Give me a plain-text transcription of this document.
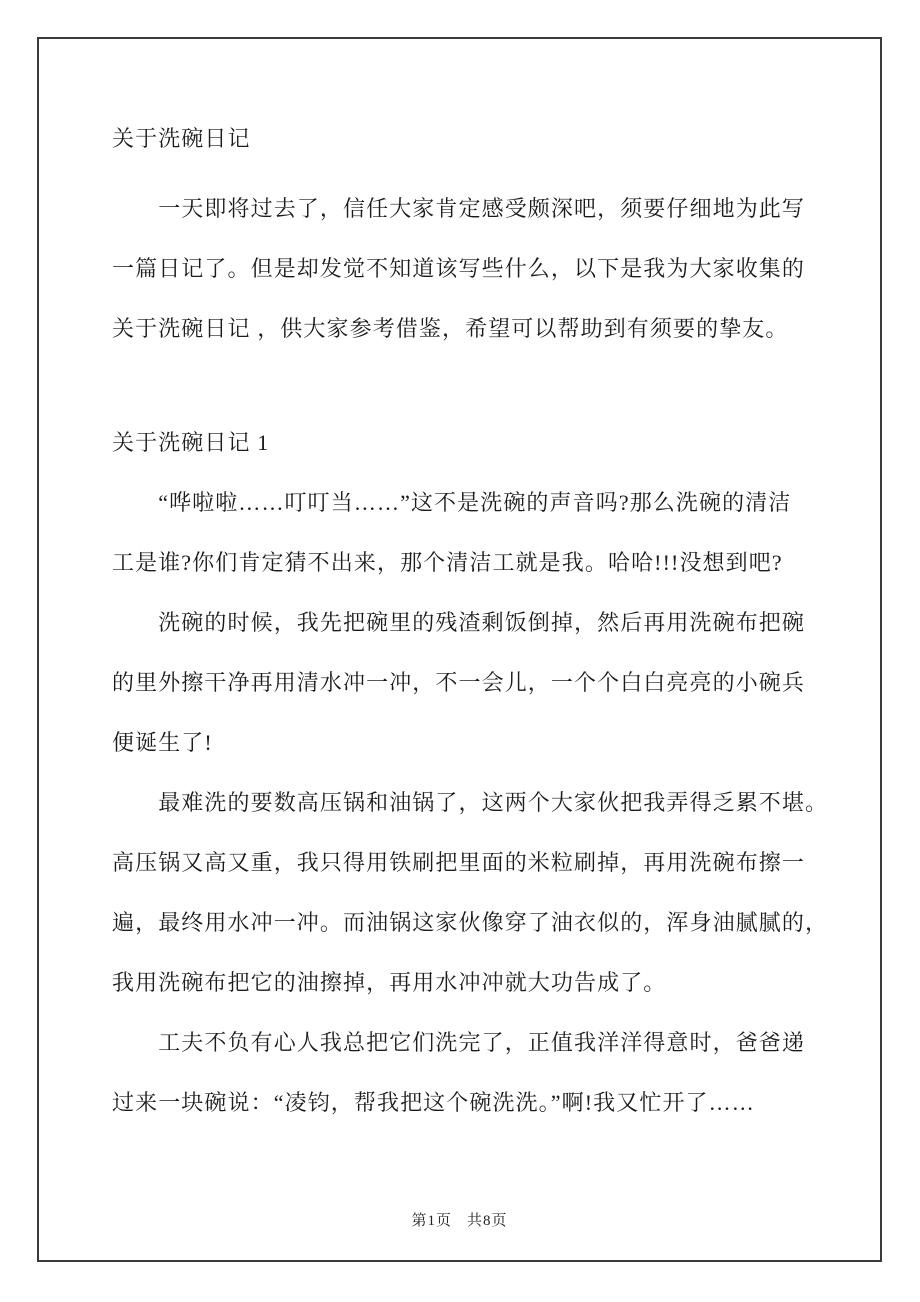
关于洗碗日记
　　一天即将过去了，信任大家肯定感受颇深吧，须要仔细地为此写
一篇日记了。但是却发觉不知道该写些什么，以下是我为大家收集的
关于洗碗日记 ，供大家参考借鉴，希望可以帮助到有须要的挚友。
关于洗碗日记 1
　　“哗啦啦……叮叮当……”这不是洗碗的声音吗?那么洗碗的清洁
工是谁?你们肯定猜不出来，那个清洁工就是我。哈哈!!!没想到吧?
　　洗碗的时候，我先把碗里的残渣剩饭倒掉，然后再用洗碗布把碗
的里外擦干净再用清水冲一冲，不一会儿，一个个白白亮亮的小碗兵
便诞生了!
　　最难洗的要数高压锅和油锅了，这两个大家伙把我弄得乏累不堪。
高压锅又高又重，我只得用铁刷把里面的米粒刷掉，再用洗碗布擦一
遍，最终用水冲一冲。而油锅这家伙像穿了油衣似的，浑身油腻腻的，
我用洗碗布把它的油擦掉，再用水冲冲就大功告成了。
　　工夫不负有心人我总把它们洗完了，正值我洋洋得意时，爸爸递
过来一块碗说：“凌钧，帮我把这个碗洗洗。”啊!我又忙开了……
第1页 共8页
